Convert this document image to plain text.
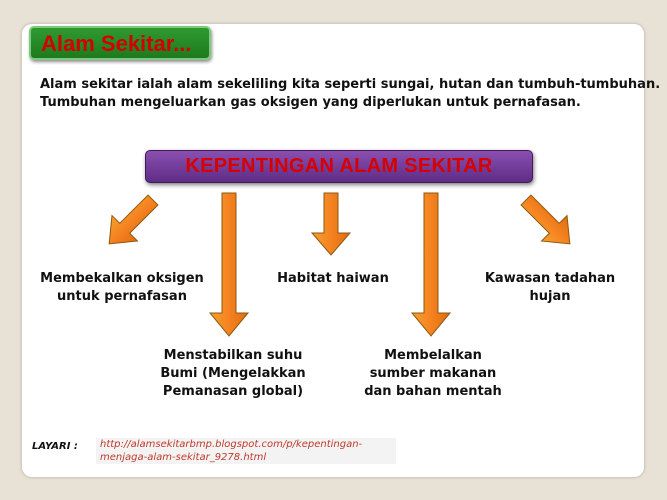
Alam Sekitar...
Alam sekitar ialah alam sekeliling kita seperti sungai, hutan dan tumbuh-tumbuhan.
Tumbuhan mengeluarkan gas oksigen yang diperlukan untuk pernafasan.
KEPENTINGAN ALAM SEKITAR
Membekalkan oksigen
untuk pernafasan
Menstabilkan suhu
Bumi (Mengelakkan
Pemanasan global)
Habitat haiwan
Membelalkan
sumber makanan
dan bahan mentah
Kawasan tadahan
hujan
LAYARI :	http://alamsekitarbmp.blogspot.com/p/kepentingan-
menjaga-alam-sekitar_9278.html
